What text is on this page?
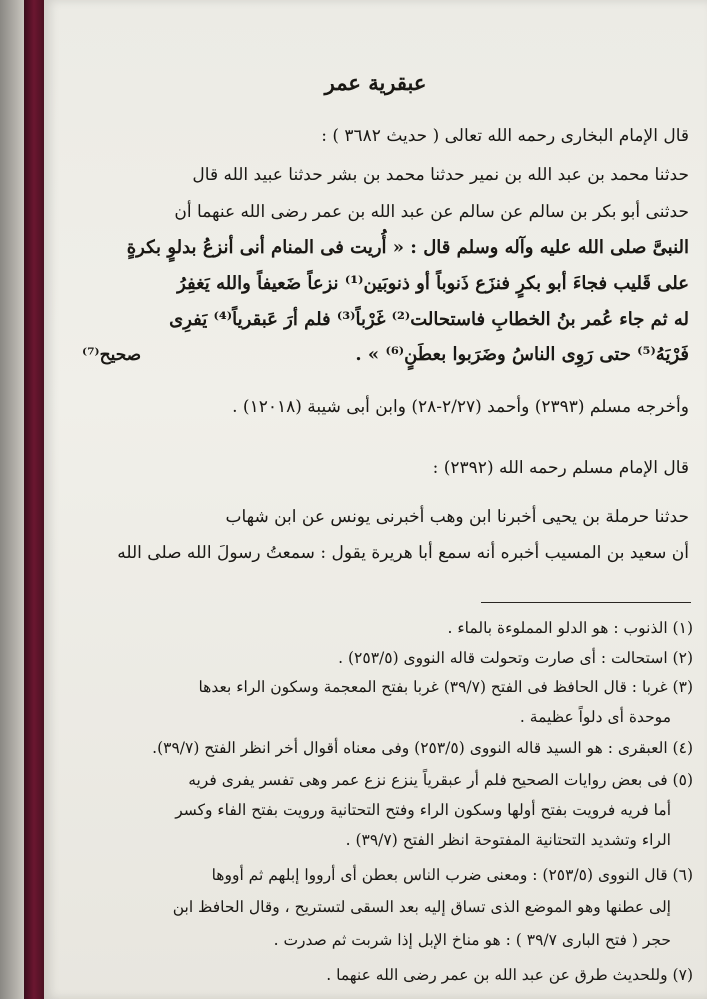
عبقرية عمر
قال الإمام البخارى رحمه الله تعالى ( حديث ٣٦٨٢ ) :
حدثنا محمد بن عبد الله بن نمير حدثنا محمد بن بشر حدثنا عبيد الله قال
حدثنى أبو بكر بن سالم عن سالم عن عبد الله بن عمر رضى الله عنهما أن
النبىَّ صلى الله عليه وآله وسلم قال : « أُريت فى المنام أنى أنزعُ بدلوٍ بكرةٍ
على قَليب فجاءَ أبو بكرٍ فنزَع ذَنوباً أو ذنوبَين⁽¹⁾ نزعاً ضَعيفاً والله يَغفِرُ
له ثم جاء عُمر بنُ الخطابِ فاستحالت⁽²⁾ غَرْباً⁽³⁾ فلم أرَ عَبقرياً⁽⁴⁾ يَفرِى
فَرْيَهُ⁽⁵⁾ حتى رَوِى الناسُ وضَرَبوا بعطَنٍ⁽⁶⁾ » .
صحيح⁽⁷⁾
وأخرجه مسلم (٢٣٩٣) وأحمد (٢/٢٧-٢٨) وابن أبى شيبة (١٢٠١٨) .
قال الإمام مسلم رحمه الله (٢٣٩٢) :
حدثنا حرملة بن يحيى أخبرنا ابن وهب أخبرنى يونس عن ابن شهاب
أن سعيد بن المسيب أخبره أنه سمع أبا هريرة يقول : سمعتُ رسولَ الله صلى الله
(١) الذنوب : هو الدلو المملوءة بالماء .
(٢) استحالت : أى صارت وتحولت قاله النووى (٢٥٣/٥) .
(٣) غربا : قال الحافظ فى الفتح (٣٩/٧) غربا بفتح المعجمة وسكون الراء بعدها
موحدة أى دلواً عظيمة .
(٤) العبقرى : هو السيد قاله النووى (٢٥٣/٥) وفى معناه أقوال أخر انظر الفتح (٣٩/٧).
(٥) فى بعض روايات الصحيح فلم أر عبقرياً ينزع نزع عمر وهى تفسر يفرى فريه
أما فريه فرويت بفتح أولها وسكون الراء وفتح التحتانية ورويت بفتح الفاء وكسر
الراء وتشديد التحتانية المفتوحة انظر الفتح (٣٩/٧) .
(٦) قال النووى (٢٥٣/٥) : ومعنى ضرب الناس بعطن أى أرووا إبلهم ثم أووها
إلى عطنها وهو الموضع الذى تساق إليه بعد السقى لتستريح ، وقال الحافظ ابن
حجر ( فتح البارى ٣٩/٧ ) : هو مناخ الإبل إذا شربت ثم صدرت .
(٧) وللحديث طرق عن عبد الله بن عمر رضى الله عنهما .
